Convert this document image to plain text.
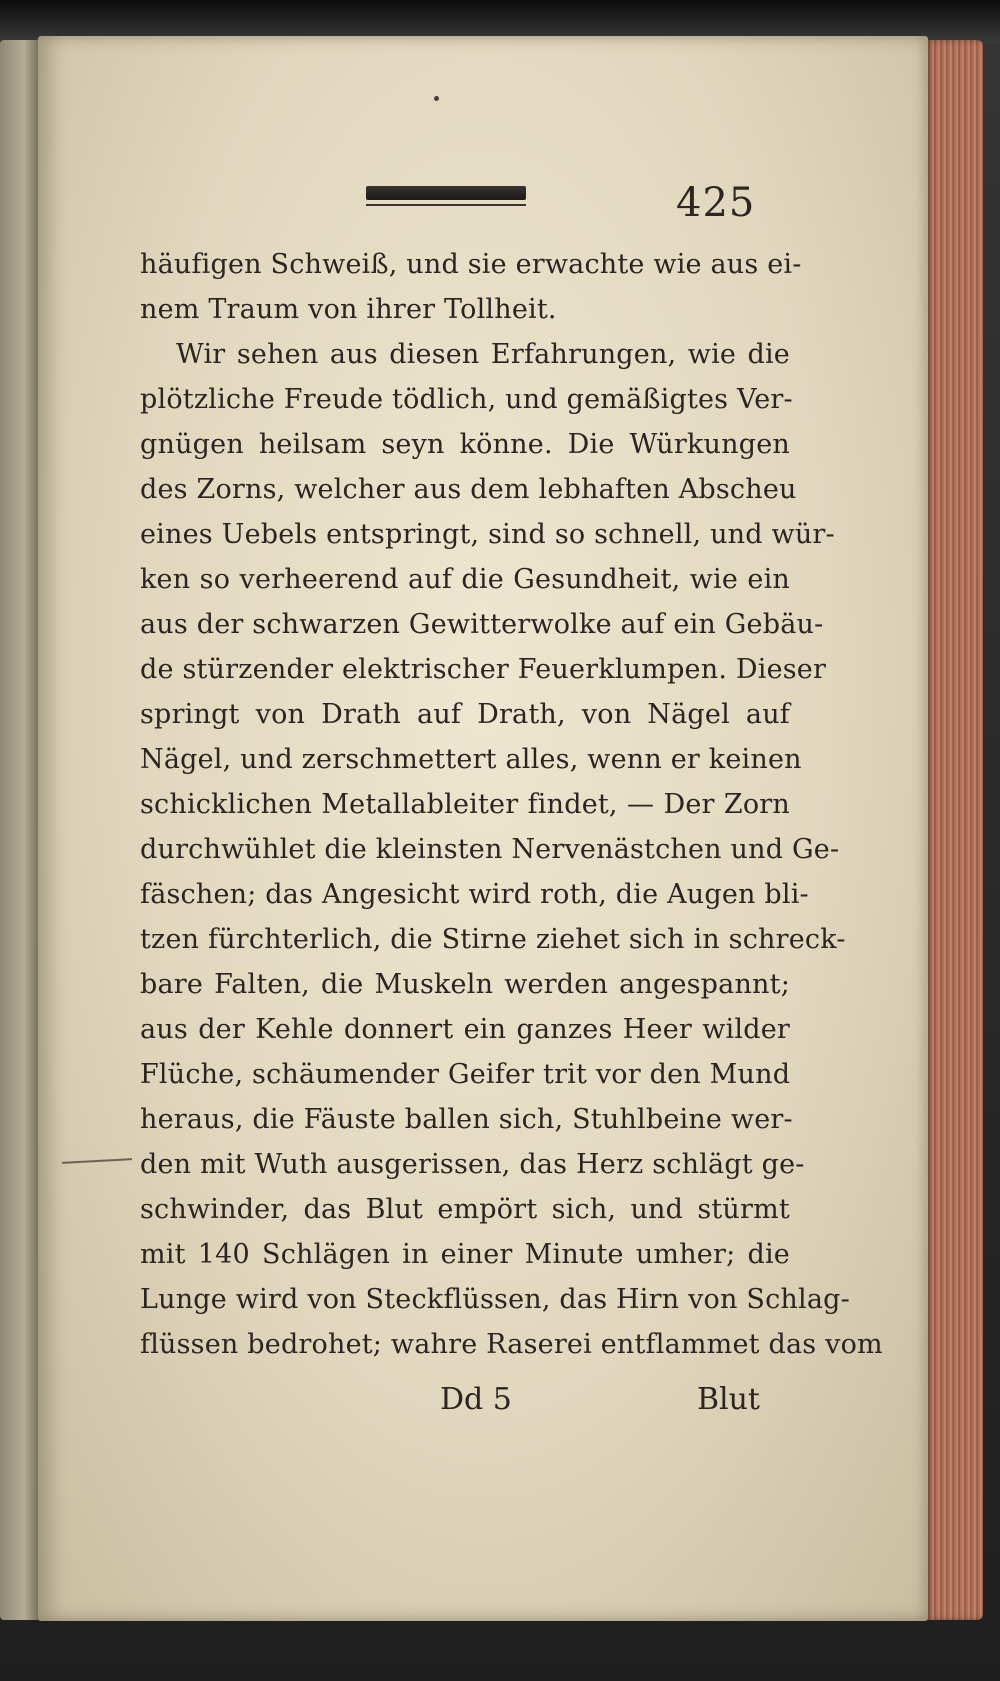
425
häufigen Schweiß, und sie erwachte wie aus ei-
nem Traum von ihrer Tollheit.
Wir sehen aus diesen Erfahrungen, wie die
plötzliche Freude tödlich, und gemäßigtes Ver-
gnügen heilsam seyn könne. Die Würkungen
des Zorns, welcher aus dem lebhaften Abscheu
eines Uebels entspringt, sind so schnell, und wür-
ken so verheerend auf die Gesundheit, wie ein
aus der schwarzen Gewitterwolke auf ein Gebäu-
de stürzender elektrischer Feuerklumpen. Dieser
springt von Drath auf Drath, von Nägel auf
Nägel, und zerschmettert alles, wenn er keinen
schicklichen Metallableiter findet, — Der Zorn
durchwühlet die kleinsten Nervenästchen und Ge-
fäschen; das Angesicht wird roth, die Augen bli-
tzen fürchterlich, die Stirne ziehet sich in schreck-
bare Falten, die Muskeln werden angespannt;
aus der Kehle donnert ein ganzes Heer wilder
Flüche, schäumender Geifer trit vor den Mund
heraus, die Fäuste ballen sich, Stuhlbeine wer-
den mit Wuth ausgerissen, das Herz schlägt ge-
schwinder, das Blut empört sich, und stürmt
mit 140 Schlägen in einer Minute umher; die
Lunge wird von Steckflüssen, das Hirn von Schlag-
flüssen bedrohet; wahre Raserei entflammet das vom
Dd 5	Blut
